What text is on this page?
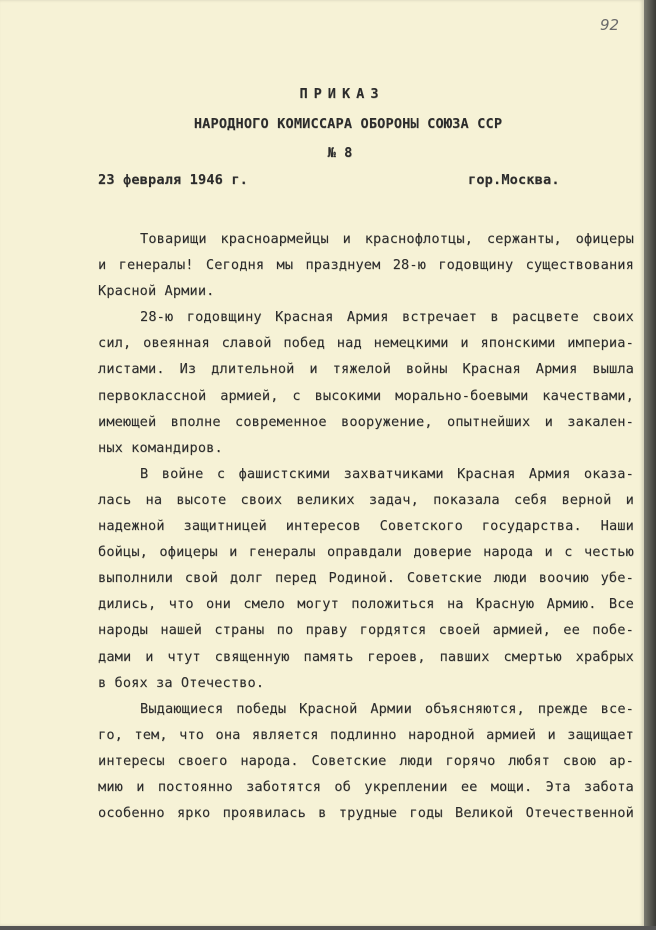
92
ПРИКАЗ
НАРОДНОГО КОМИССАРА ОБОРОНЫ СОЮЗА ССР
№ 8
23 февраля 1946 г.	гор.Москва.
Товарищи красноармейцы и краснофлотцы, сержанты, офицеры
и генералы! Сегодня мы празднуем 28-ю годовщину существования
Красной Армии.
28-ю годовщину Красная Армия встречает в расцвете своих
сил, овеянная славой побед над немецкими и японскими империа-
листами. Из длительной и тяжелой войны Красная Армия вышла
первоклассной армией, с высокими морально-боевыми качествами,
имеющей вполне современное вооружение, опытнейших и закален-
ных командиров.
В войне с фашистскими захватчиками Красная Армия оказа-
лась на высоте своих великих задач, показала себя верной и
надежной защитницей интересов Советского государства. Наши
бойцы, офицеры и генералы оправдали доверие народа и с честью
выполнили свой долг перед Родиной. Советские люди воочию убе-
дились, что они смело могут положиться на Красную Армию. Все
народы нашей страны по праву гордятся своей армией, ее побе-
дами и чтут священную память героев, павших смертью храбрых
в боях за Отечество.
Выдающиеся победы Красной Армии объясняются, прежде все-
го, тем, что она является подлинно народной армией и защищает
интересы своего народа. Советские люди горячо любят свою ар-
мию и постоянно заботятся об укреплении ее мощи. Эта забота
особенно ярко проявилась в трудные годы Великой Отечественной
